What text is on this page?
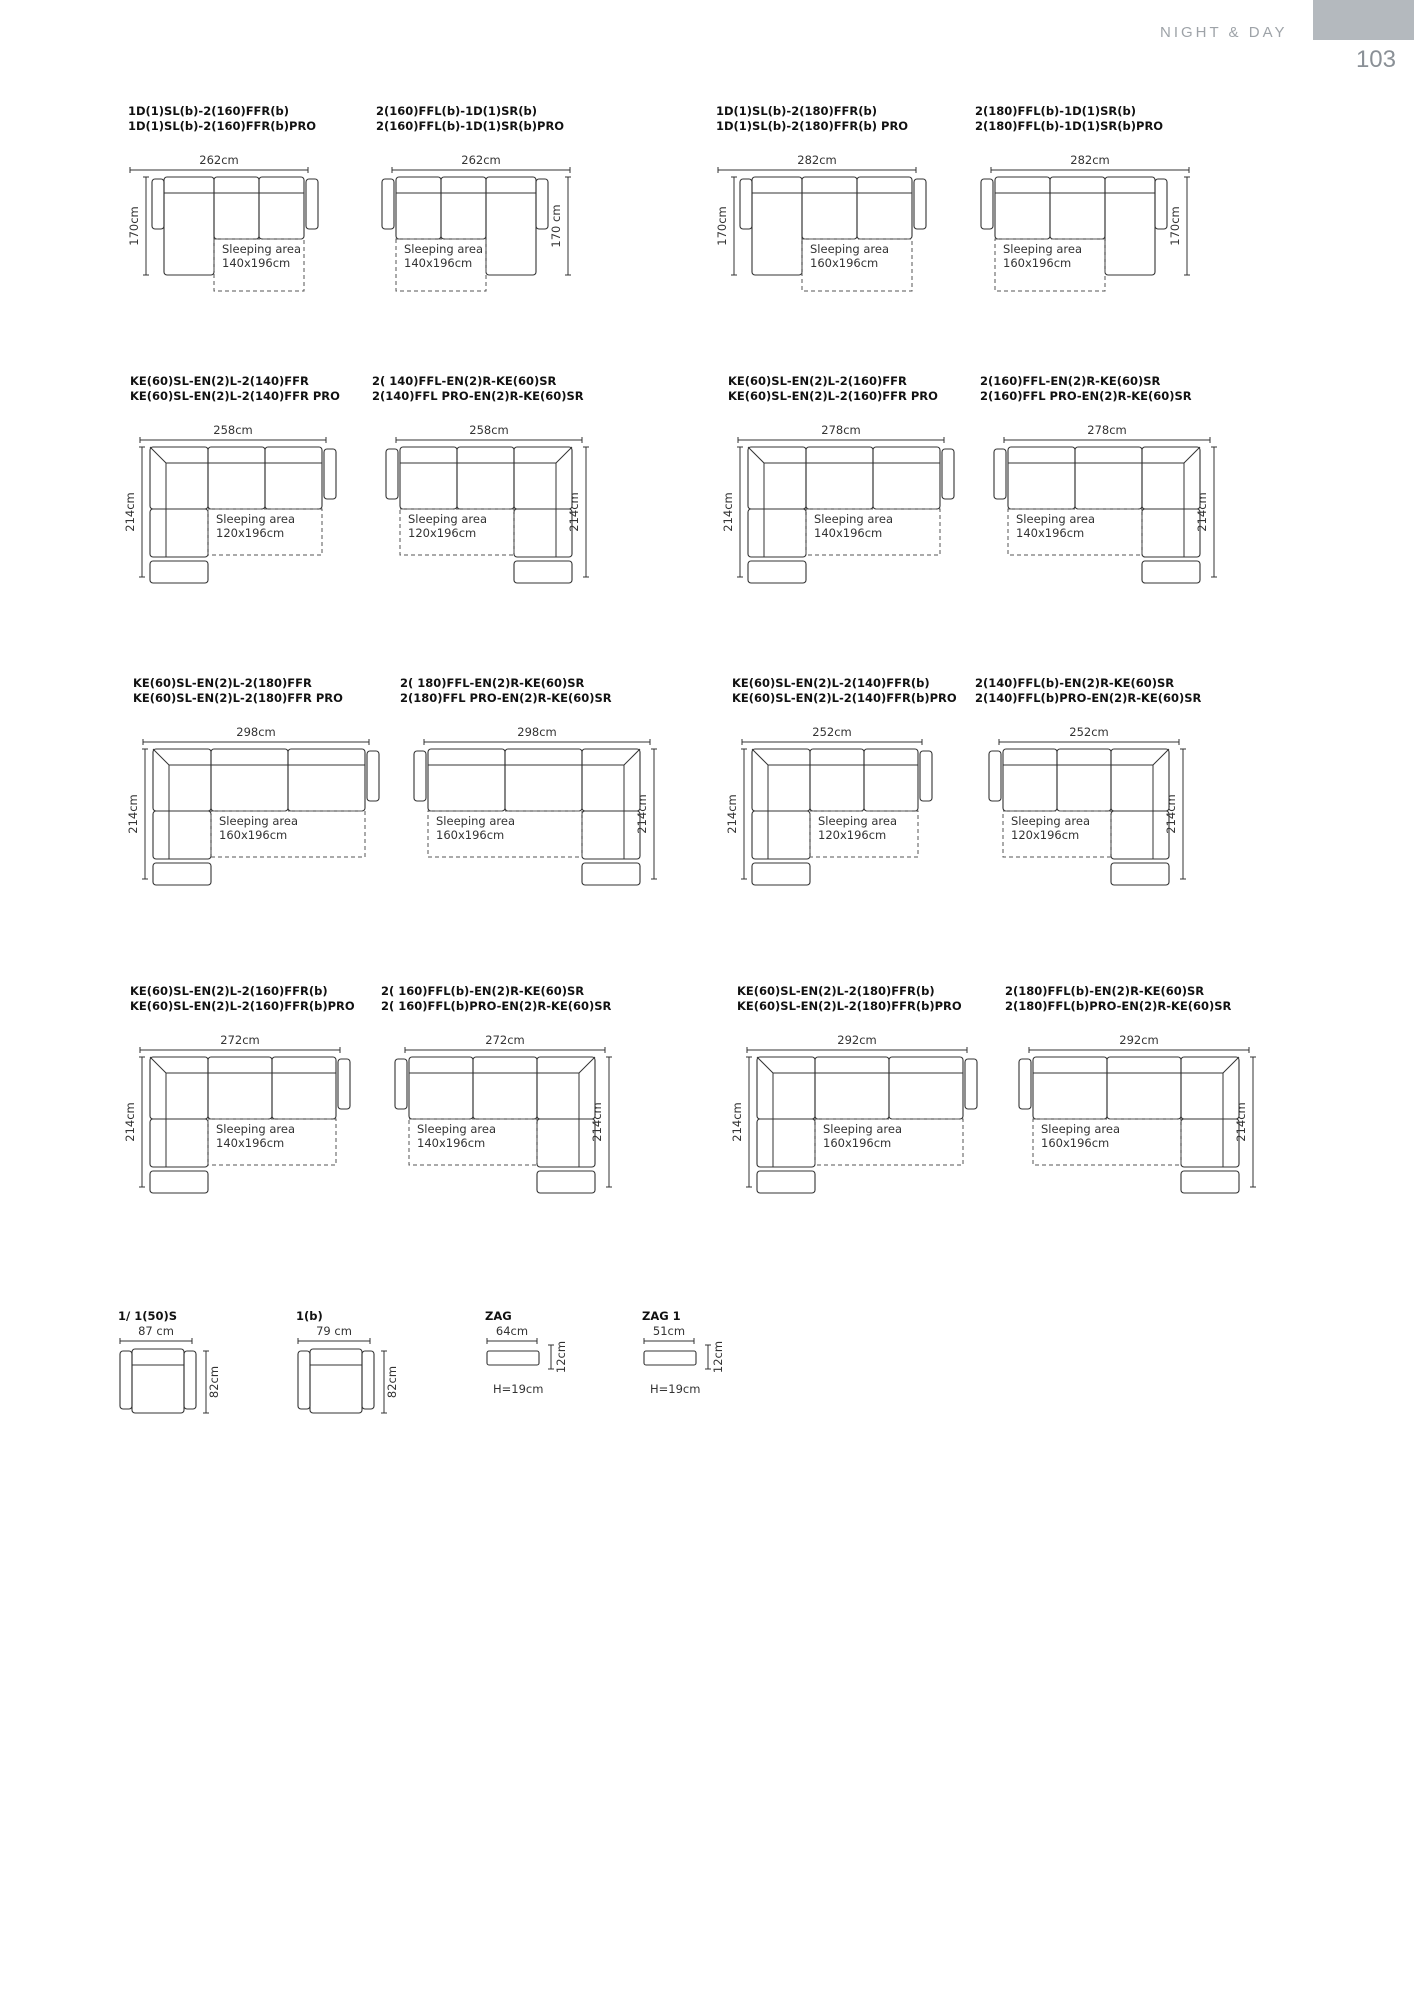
NIGHT & DAY
103
1D(1)SL(b)-2(160)FFR(b)
1D(1)SL(b)-2(160)FFR(b)PRO
262cm
170cm
Sleeping area
140x196cm
2(160)FFL(b)-1D(1)SR(b)
2(160)FFL(b)-1D(1)SR(b)PRO
262cm
170 cm
Sleeping area
140x196cm
1D(1)SL(b)-2(180)FFR(b)
1D(1)SL(b)-2(180)FFR(b) PRO
282cm
170cm
Sleeping area
160x196cm
2(180)FFL(b)-1D(1)SR(b)
2(180)FFL(b)-1D(1)SR(b)PRO
282cm
170cm
Sleeping area
160x196cm
KE(60)SL-EN(2)L-2(140)FFR
KE(60)SL-EN(2)L-2(140)FFR PRO
258cm
214cm	Sleeping area
120x196cm
2( 140)FFL-EN(2)R-KE(60)SR
2(140)FFL PRO-EN(2)R-KE(60)SR
258cm
214cm
Sleeping area
120x196cm
KE(60)SL-EN(2)L-2(160)FFR
KE(60)SL-EN(2)L-2(160)FFR PRO
278cm
214cm	Sleeping area
140x196cm
2(160)FFL-EN(2)R-KE(60)SR
2(160)FFL PRO-EN(2)R-KE(60)SR
278cm
214cm
Sleeping area
140x196cm
KE(60)SL-EN(2)L-2(180)FFR
KE(60)SL-EN(2)L-2(180)FFR PRO
298cm
214cm	Sleeping area
160x196cm
2( 180)FFL-EN(2)R-KE(60)SR
2(180)FFL PRO-EN(2)R-KE(60)SR
298cm
214cm
Sleeping area
160x196cm
KE(60)SL-EN(2)L-2(140)FFR(b)
KE(60)SL-EN(2)L-2(140)FFR(b)PRO
252cm
214cm	Sleeping area
120x196cm
2(140)FFL(b)-EN(2)R-KE(60)SR
2(140)FFL(b)PRO-EN(2)R-KE(60)SR
252cm
214cm
Sleeping area
120x196cm
KE(60)SL-EN(2)L-2(160)FFR(b)
KE(60)SL-EN(2)L-2(160)FFR(b)PRO
272cm
214cm	Sleeping area
140x196cm
2( 160)FFL(b)-EN(2)R-KE(60)SR
2( 160)FFL(b)PRO-EN(2)R-KE(60)SR
272cm
214cm
Sleeping area
140x196cm
KE(60)SL-EN(2)L-2(180)FFR(b)
KE(60)SL-EN(2)L-2(180)FFR(b)PRO
292cm
214cm	Sleeping area
160x196cm
2(180)FFL(b)-EN(2)R-KE(60)SR
2(180)FFL(b)PRO-EN(2)R-KE(60)SR
292cm
214cm
Sleeping area
160x196cm
1/ 1(50)S
87 cm
82cm
1(b)
79 cm
82cm
ZAG
64cm
12cm
H=19cm
ZAG 1
51cm
12cm
H=19cm
